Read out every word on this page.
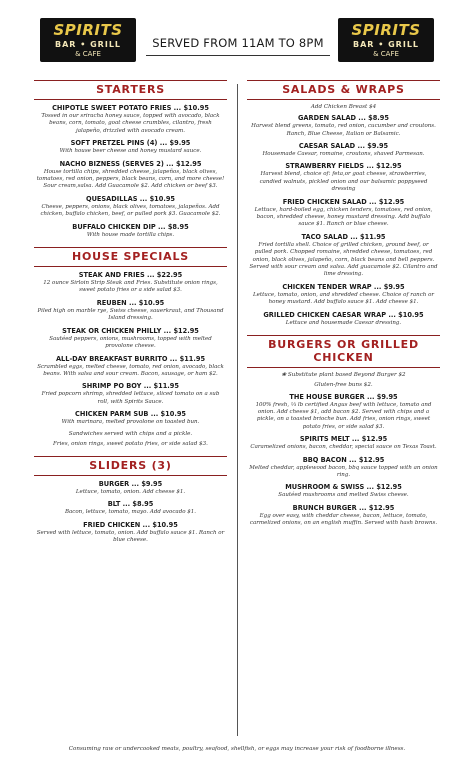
SPIRITS
BAR • GRILL
& CAFE
SERVED FROM 11AM TO 8PM
SPIRITS
BAR • GRILL
& CAFE
STARTERS
CHIPOTLE SWEET POTATO FRIES ... $10.95
Tossed in our sriracha honey sauce, topped with avocado, black beans, corn, tomato, goat cheese crumbles, cilantro, fresh jalapeño, drizzled with avocado cream.
SOFT PRETZEL PINS (4) ... $9.95
With house beer cheese and honey mustard sauce.
NACHO BIZNESS (SERVES 2) ... $12.95
House tortilla chips, shredded cheese, jalapeños, black olives, tomatoes, red onion, peppers, black beans, corn, and more cheese! Sour cream,salsa. Add Guacamole $2. Add chicken or beef $3.
QUESADILLAS ... $10.95
Cheese, peppers, onions, black olives, tomatoes, jalapeños. Add chicken, buffalo chicken, beef, or pulled pork $3. Guacamole $2.
BUFFALO CHICKEN DIP ... $8.95
With house made tortilla chips.
HOUSE SPECIALS
STEAK AND FRIES ... $22.95
12 ounce Sirloin Strip Steak and Fries. Substitute onion rings, sweet potato fries or a side salad $3.
REUBEN ... $10.95
Piled high on marble rye, Swiss cheese, sauerkraut, and Thousand Island dressing.
STEAK OR CHICKEN PHILLY ... $12.95
Sautéed peppers, onions, mushrooms, topped with melted provolone cheese.
ALL-DAY BREAKFAST BURRITO ... $11.95
Scrambled eggs, melted cheese, tomato, red onion, avocado, black beans. With salsa and sour cream. Bacon, sausage, or ham $2.
SHRIMP PO BOY ... $11.95
Fried popcorn shrimp, shredded lettuce, sliced tomato on a sub roll, with Spirits Sauce.
CHICKEN PARM SUB ... $10.95
With marinara, melted provolone on toasted bun.
Sandwiches served with chips and a pickle.
Fries, onion rings, sweet potato fries, or side salad $3.
SLIDERS (3)
BURGER ... $9.95
Lettuce, tomato, onion. Add cheese $1.
BLT ... $8.95
Bacon, lettuce, tomato, mayo. Add avocado $1.
FRIED CHICKEN ... $10.95
Served with lettuce, tomato, onion. Add buffalo sauce $1. Ranch or blue cheese.
SALADS & WRAPS
Add Chicken Breast $4
GARDEN SALAD ... $8.95
Harvest blend greens, tomato, red onion, cucumber and croutons. Ranch, Blue Cheese, Italian or Balsamic.
CAESAR SALAD ... $9.95
Housemade Caesar, romaine, croutons, shaved Parmesan.
STRAWBERRY FIELDS ... $12.95
Harvest blend, choice of: feta,or goat cheese, strawberries, candied walnuts, pickled onion and our balsamic poppyseed dressing
FRIED CHICKEN SALAD ... $12.95
Lettuce, hard-boiled egg, chicken tenders, tomatoes, red onion, bacon, shredded cheese, honey mustard dressing. Add buffalo sauce $1. Ranch or blue cheese.
TACO SALAD ... $11.95
Fried tortilla shell. Choice of grilled chicken, ground beef, or pulled pork. Chopped romaine, shredded cheese, tomatoes, red onion, black olives, jalapeño, corn, black beans and bell peppers. Served with sour cream and salsa. Add guacamole $2. Cilantro and lime dressing.
CHICKEN TENDER WRAP ... $9.95
Lettuce, tomato, onion, and shredded cheese. Choice of ranch or honey mustard. Add buffalo sauce $1. Add cheese $1.
GRILLED CHICKEN CAESAR WRAP ... $10.95
Lettuce and housemade Caesar dressing.
BURGERS OR GRILLED CHICKEN
❀ Substitute plant based Beyond Burger $2
Gluten-free buns $2.
THE HOUSE BURGER ... $9.95
100% fresh, ⅓ lb certified Angus beef with lettuce, tomato and onion. Add cheese $1, add bacon $2. Served with chips and a pickle, on a toasted brioche bun. Add fries, onion rings, sweet potato fries, or side salad $3.
SPIRITS MELT ... $12.95
Caramelized onions, bacon, cheddar, special sauce on Texas Toast.
BBQ BACON ... $12.95
Melted cheddar, applewood bacon, bbq sauce topped with an onion ring.
MUSHROOM & SWISS ... $12.95
Sautéed mushrooms and melted Swiss cheese.
BRUNCH BURGER ... $12.95
Egg over easy, with cheddar cheese, bacon, lettuce, tomato, carmelized onions, on an english muffin. Served with hash browns.
Consuming raw or undercooked meats, poultry, seafood, shellfish, or eggs may increase your risk of foodborne illness.
